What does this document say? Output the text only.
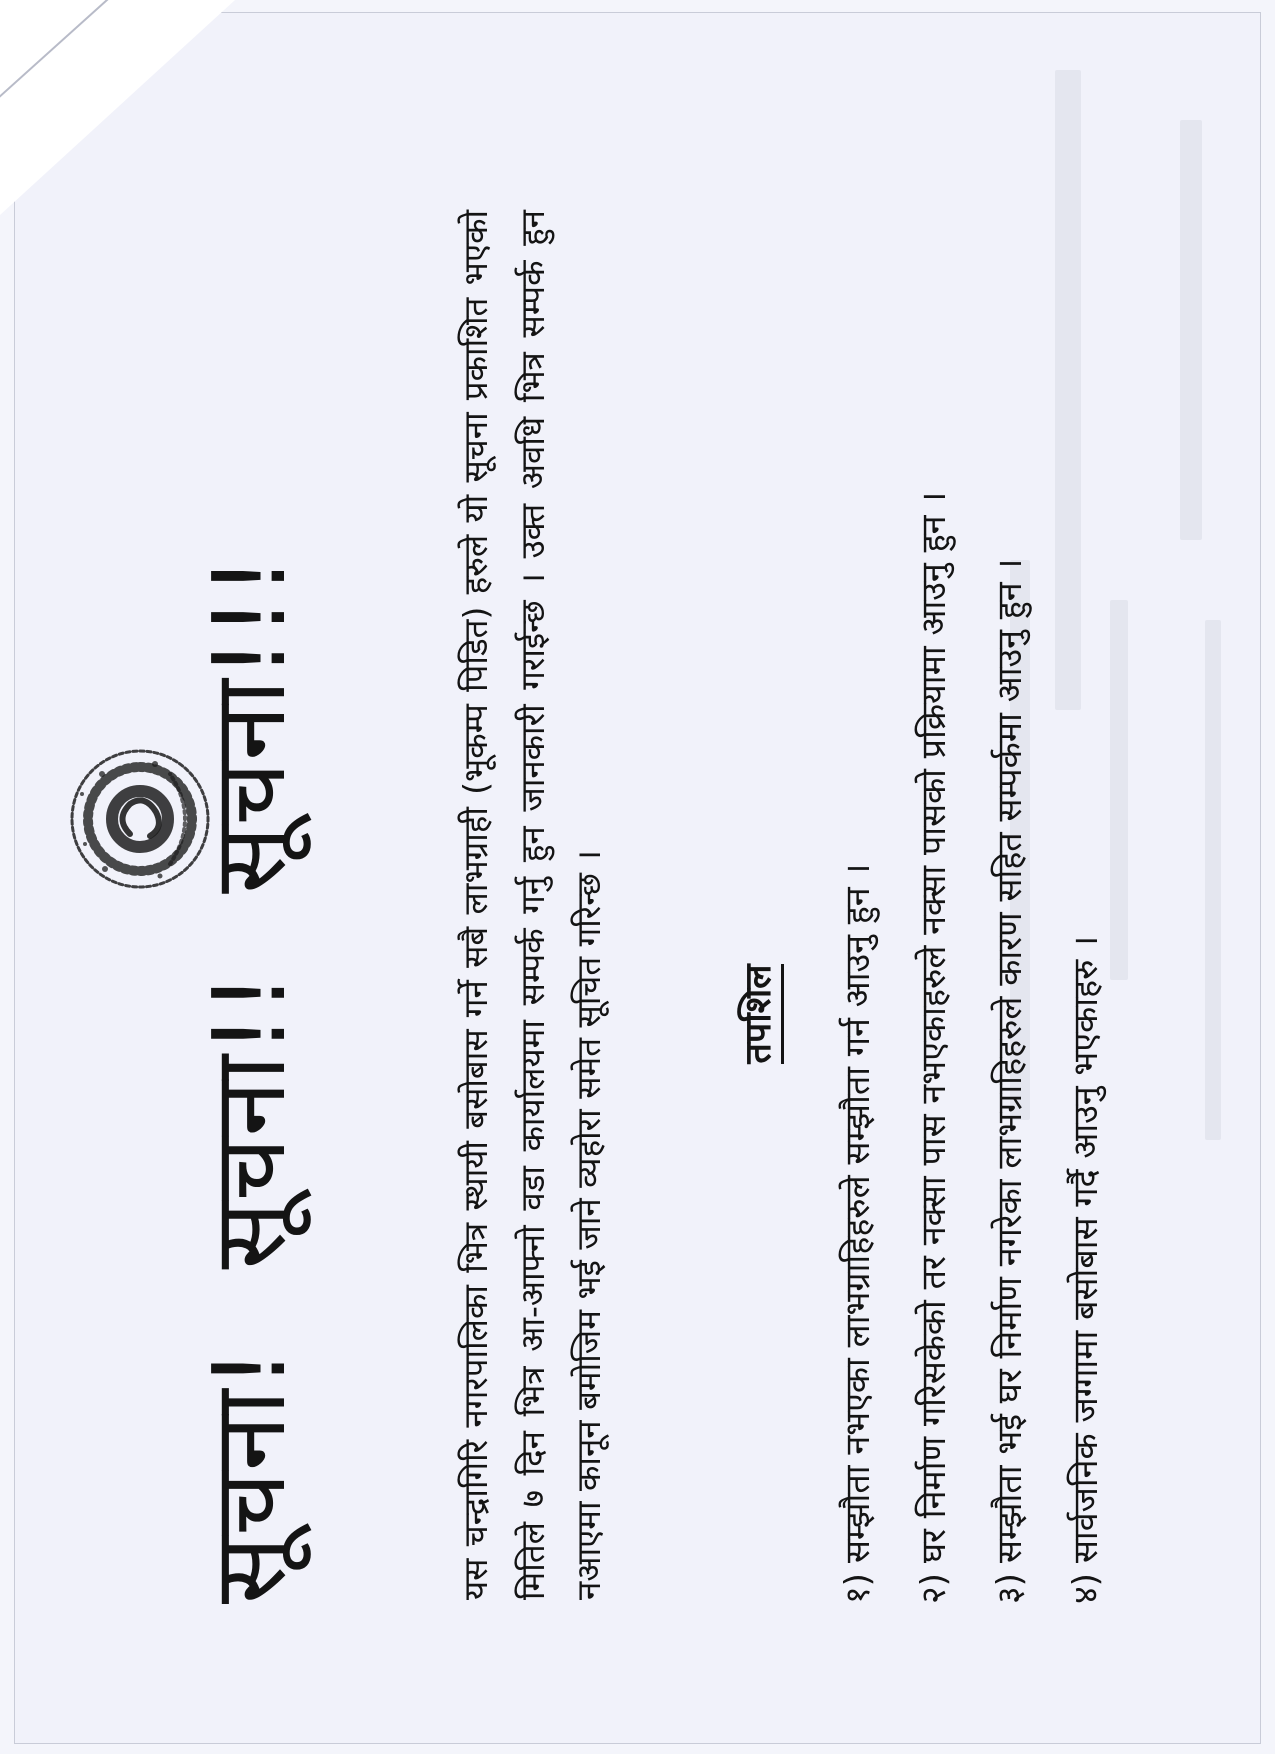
सूचना!सूचना!!सूचना!!!	यस चन्द्रागिरि नगरपालिका भित्र स्थायी बसोबास गर्ने सबै लाभग्राही (भूकम्प पिडित) हरुले यो सूचना प्रकाशित भएको मितिले ७ दिन भित्र आ-आफ्नो वडा कार्यालयमा सम्पर्क गर्नु हुन जानकारी गराईन्छ । उक्त अवधि भित्र सम्पर्क हुन नआएमा कानून बमोजिम भई जाने व्यहोरा समेत सूचित गरिन्छ ।	तपशिल
१)सम्झौता नभएका लाभग्राहिहरुले सम्झौता गर्न आउनु हुन ।
२)घर निर्माण गरिसकेको तर नक्सा पास नभएकाहरुले नक्सा पासको प्रक्रियामा आउनु हुन ।
३)सम्झौता भई घर निर्माण नगरेका लाभग्राहिहरुले कारण सहित सम्पर्कमा आउनु हुन ।
४)सार्वजनिक जग्गामा बसोबास गर्दै आउनु भएकाहरु ।
